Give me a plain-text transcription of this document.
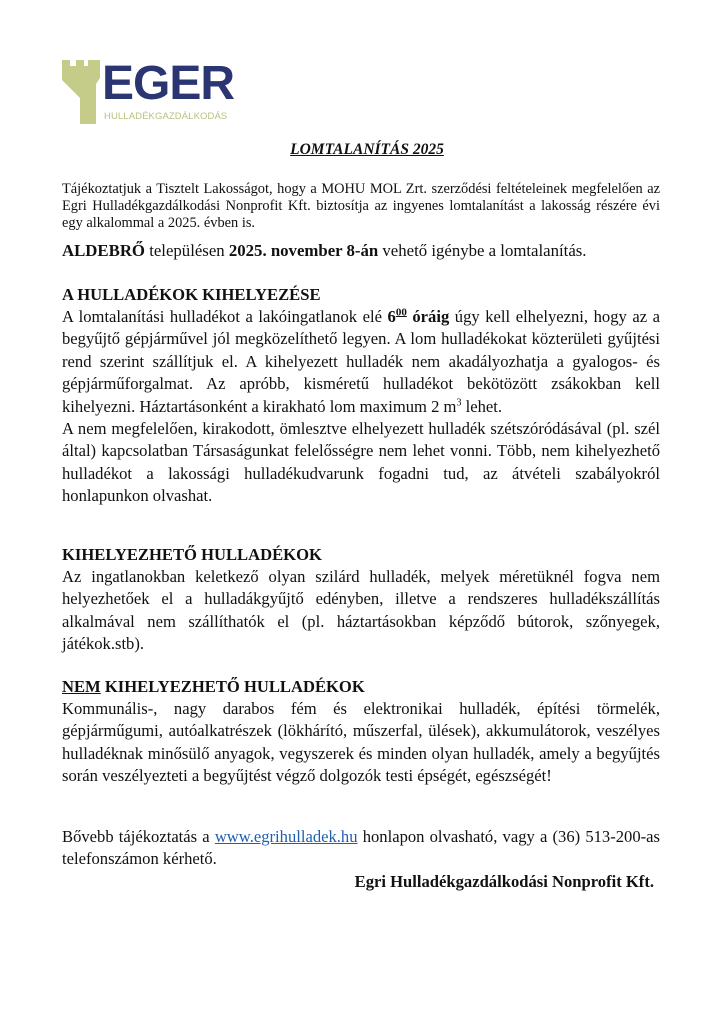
EGER
HULLADÉKGAZDÁLKODÁS
LOMTALANÍTÁS 2025
Tájékoztatjuk a Tisztelt Lakosságot, hogy a MOHU MOL Zrt. szerződési feltételeinek megfelelően az Egri Hulladékgazdálkodási Nonprofit Kft. biztosítja az ingyenes lomtalanítást a lakosság részére évi egy alkalommal a 2025. évben is.
ALDEBRŐ településen 2025. november 8-án vehető igénybe a lomtalanítás.
A HULLADÉKOK KIHELYEZÉSE

A lomtalanítási hulladékot a lakóingatlanok elé $6^{00}$ óráig úgy kell elhelyezni, hogy az a begyűjtő gépjárművel jól megközelíthető legyen. A lom hulladékokat közterületi gyűjtési rend szerint szállítjuk el. A kihelyezett hulladék nem akadályozhatja a gyalogos- és gépjárműforgalmat. Az apróbb, kisméretű hulladékot bekötözött zsákokban kell kihelyezni. Háztartásonként a kirakható lom maximum 2 $m^3$ lehet.

A nem megfelelően, kirakodott, ömlesztve elhelyezett hulladék szétszóródásával (pl. szél által) kapcsolatban Társaságunkat felelősségre nem lehet vonni. Több, nem kihelyezhető hulladékot a lakossági hulladékudvarunk fogadni tud, az átvételi szabályokról honlapunkon olvashat.

KIHELYEZHETŐ HULLADÉKOK

Az ingatlanokban keletkező olyan szilárd hulladék, melyek méretüknél fogva nem helyezhetőek el a hulladákgyűjtő edényben, illetve a rendszeres hulladékszállítás alkalmával nem szállíthatók el (pl. háztartásokban képződő bútorok, szőnyegek, játékok.stb).

NEM KIHELYEZHETŐ HULLADÉKOK

Kommunális-, nagy darabos fém és elektronikai hulladék, építési törmelék, gépjárműgumi, autóalkatrészek (lökhárító, műszerfal, ülések), akkumulátorok, veszélyes hulladéknak minősülő anyagok, vegyszerek és minden olyan hulladék, amely a begyűjtés során veszélyezteti a begyűjtést végző dolgozók testi épségét, egészségét!

Bővebb tájékoztatás a www.egrihulladek.hu honlapon olvasható, vagy a (36) 513-200-as telefonszámon kérhető.
Egri Hulladékgazdálkodási Nonprofit Kft.
